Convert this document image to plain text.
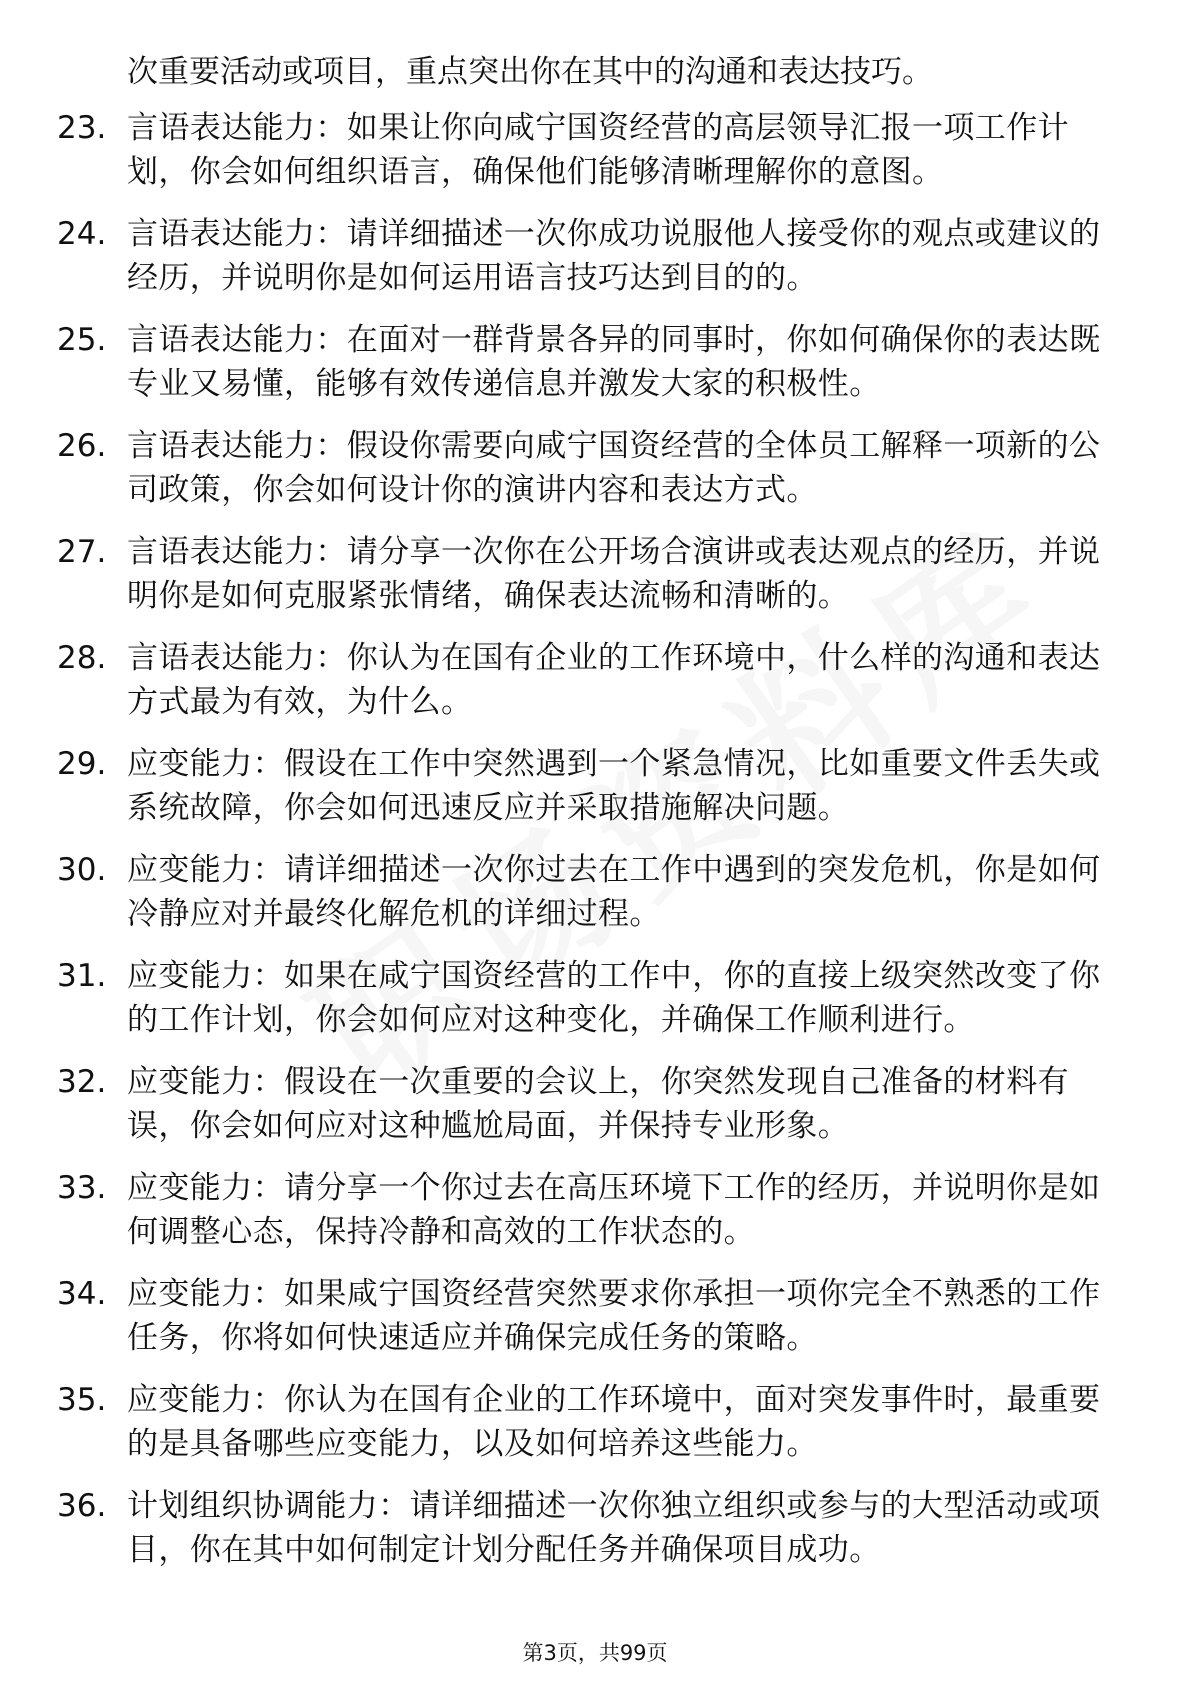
次重要活动或项目，重点突出你在其中的沟通和表达技巧。

23. 言语表达能力：如果让你向咸宁国资经营的高层领导汇报一项工作计划，你会如何组织语言，确保他们能够清晰理解你的意图。
24. 言语表达能力：请详细描述一次你成功说服他人接受你的观点或建议的经历，并说明你是如何运用语言技巧达到目的的。
25. 言语表达能力：在面对一群背景各异的同事时，你如何确保你的表达既专业又易懂，能够有效传递信息并激发大家的积极性。
26. 言语表达能力：假设你需要向咸宁国资经营的全体员工解释一项新的公司政策，你会如何设计你的演讲内容和表达方式。
27. 言语表达能力：请分享一次你在公开场合演讲或表达观点的经历，并说明你是如何克服紧张情绪，确保表达流畅和清晰的。
28. 言语表达能力：你认为在国有企业的工作环境中，什么样的沟通和表达方式最为有效，为什么。
29. 应变能力：假设在工作中突然遇到一个紧急情况，比如重要文件丢失或系统故障，你会如何迅速反应并采取措施解决问题。
30. 应变能力：请详细描述一次你过去在工作中遇到的突发危机，你是如何冷静应对并最终化解危机的详细过程。
31. 应变能力：如果在咸宁国资经营的工作中，你的直接上级突然改变了你的工作计划，你会如何应对这种变化，并确保工作顺利进行。
32. 应变能力：假设在一次重要的会议上，你突然发现自己准备的材料有误，你会如何应对这种尴尬局面，并保持专业形象。
33. 应变能力：请分享一个你过去在高压环境下工作的经历，并说明你是如何调整心态，保持冷静和高效的工作状态的。
34. 应变能力：如果咸宁国资经营突然要求你承担一项你完全不熟悉的工作任务，你将如何快速适应并确保完成任务的策略。
35. 应变能力：你认为在国有企业的工作环境中，面对突发事件时，最重要的是具备哪些应变能力，以及如何培养这些能力。
36. 计划组织协调能力：请详细描述一次你独立组织或参与的大型活动或项目，你在其中如何制定计划分配任务并确保项目成功。
第3页，共99页
